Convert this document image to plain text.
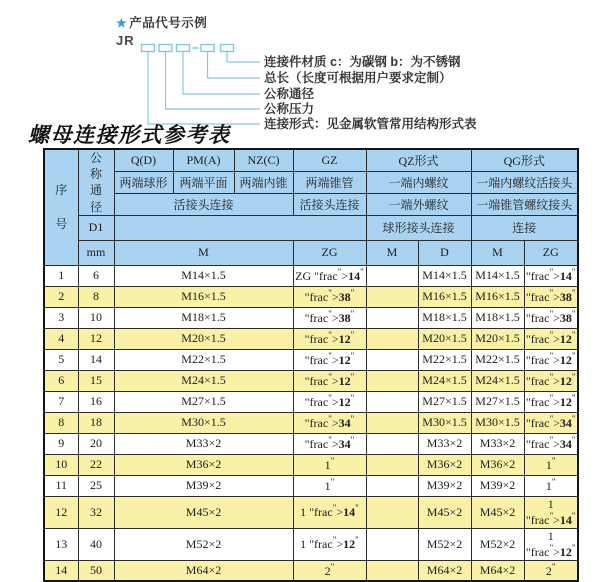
★ 产品代号示例
JR
连接件材质 c：为碳钢 b：为不锈钢
总长（长度可根据用户要求定制）
公称通径
公称压力
连接形式：见金属软管常用结构形式表
螺母连接形式参考表
序号	公称通径	Q(D)	PM(A)	NZ(C)	GZ	QZ形式		QG形式	
		两端球形	两端平面	两端内锥	两端锥管	一端内螺纹		一端内螺纹活接头	
		活接头连接			活接头连接	一端外螺纹		一端锥管螺纹接头	
	D1					球形接头连接		连接	
	mm	M			ZG	M	D	M	ZG
1	6	M14×1.5			ZG "frac">14"		M14×1.5	M14×1.5	"frac">14"
2	8	M16×1.5			"frac">38"		M16×1.5	M16×1.5	"frac">38"
3	10	M18×1.5			"frac">38"		M18×1.5	M18×1.5	"frac">38"
4	12	M20×1.5			"frac">12"		M20×1.5	M20×1.5	"frac">12"
5	14	M22×1.5			"frac">12"		M22×1.5	M22×1.5	"frac">12"
6	15	M24×1.5			"frac">12"		M24×1.5	M24×1.5	"frac">12"
7	16	M27×1.5			"frac">12"		M27×1.5	M27×1.5	"frac">12"
8	18	M30×1.5			"frac">34"		M30×1.5	M30×1.5	"frac">34"
9	20	M33×2			"frac">34"		M33×2	M33×2	"frac">34"
10	22	M36×2			1"		M36×2	M36×2	1"
11	25	M39×2			1"		M39×2	M39×2	1"
12	32	M45×2			1 "frac">14"		M45×2	M45×2	1 "frac">14"
13	40	M52×2			1 "frac">12"		M52×2	M52×2	1 "frac">12"
14	50	M64×2			2"		M64×2	M64×2	2"
